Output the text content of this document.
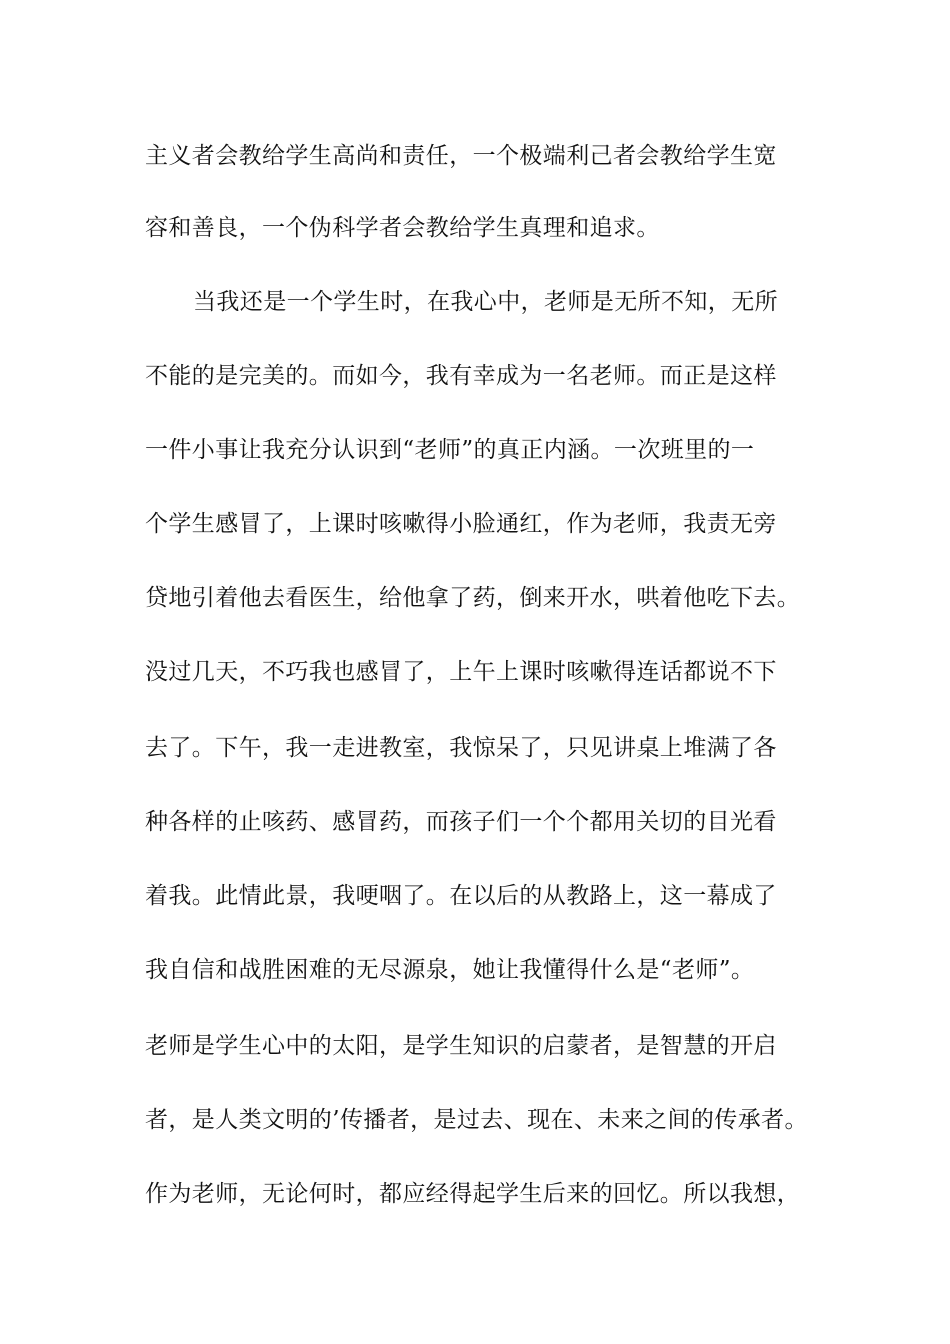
主义者会教给学生高尚和责任，一个极端利己者会教给学生宽
容和善良，一个伪科学者会教给学生真理和追求。
当我还是一个学生时，在我心中，老师是无所不知，无所
不能的是完美的。而如今，我有幸成为一名老师。而正是这样
一件小事让我充分认识到“老师”的真正内涵。一次班里的一
个学生感冒了，上课时咳嗽得小脸通红，作为老师，我责无旁
贷地引着他去看医生，给他拿了药，倒来开水，哄着他吃下去。
没过几天，不巧我也感冒了，上午上课时咳嗽得连话都说不下
去了。下午，我一走进教室，我惊呆了，只见讲桌上堆满了各
种各样的止咳药、感冒药，而孩子们一个个都用关切的目光看
着我。此情此景，我哽咽了。在以后的从教路上，这一幕成了
我自信和战胜困难的无尽源泉，她让我懂得什么是“老师”。
老师是学生心中的太阳，是学生知识的启蒙者，是智慧的开启
者，是人类文明的’传播者，是过去、现在、未来之间的传承者。
作为老师，无论何时，都应经得起学生后来的回忆。所以我想，
